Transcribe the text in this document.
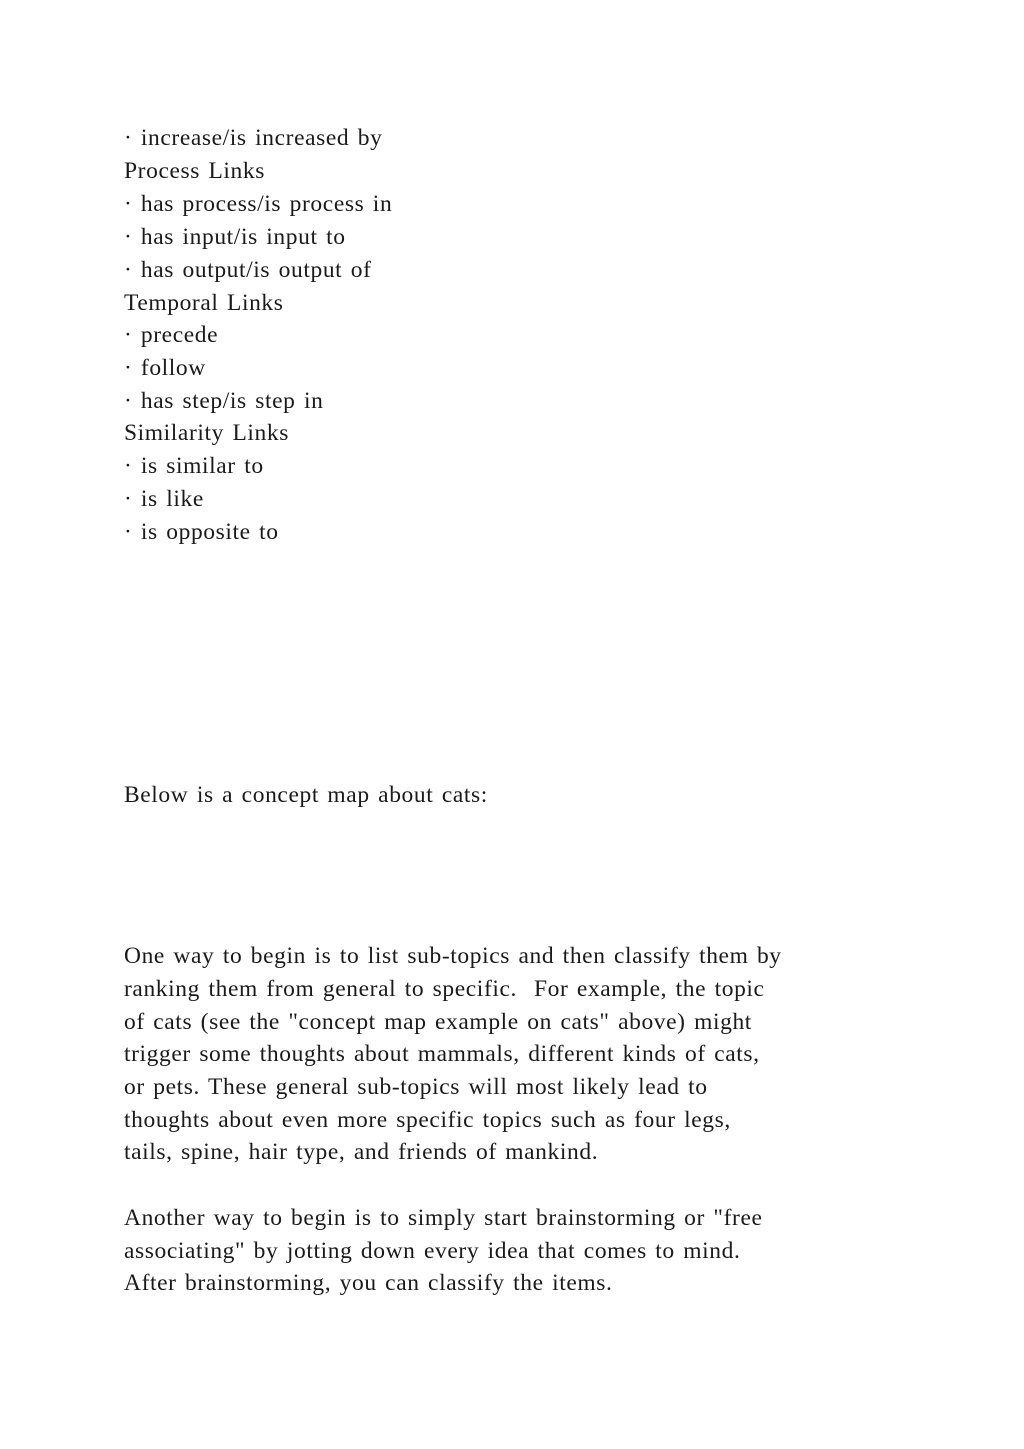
· increase/is increased by
Process Links
· has process/is process in
· has input/is input to
· has output/is output of
Temporal Links
· precede
· follow
· has step/is step in
Similarity Links
· is similar to
· is like
· is opposite to
Below is a concept map about cats:
One way to begin is to list sub-topics and then classify them by
ranking them from general to specific.  For example, the topic
of cats (see the "concept map example on cats" above) might
trigger some thoughts about mammals, different kinds of cats,
or pets. These general sub-topics will most likely lead to
thoughts about even more specific topics such as four legs,
tails, spine, hair type, and friends of mankind.
Another way to begin is to simply start brainstorming or "free
associating" by jotting down every idea that comes to mind.
After brainstorming, you can classify the items.
